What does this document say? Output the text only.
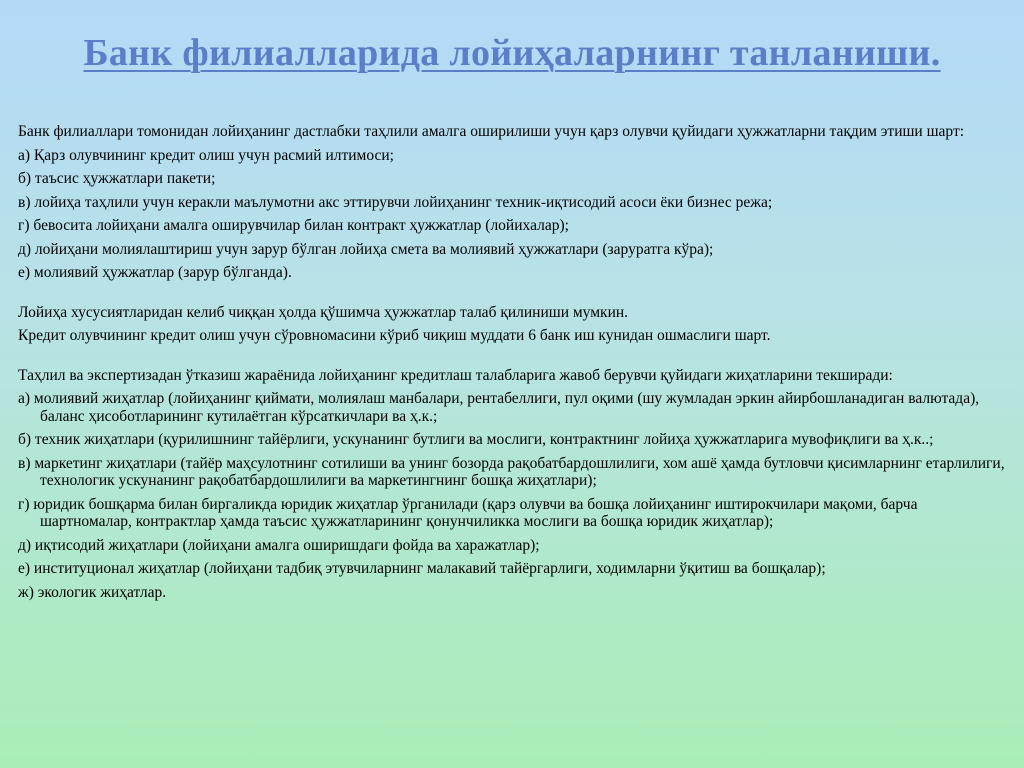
Банк филиалларида лойиҳаларнинг танланиши.

Банк филиаллари томонидан лойиҳанинг дастлабки таҳлили амалга оширилиши учун қарз олувчи қуйидаги ҳужжатларни тақдим этиши шарт:

а) Қарз олувчининг кредит олиш учун расмий илтимоси;

б) таъсис ҳужжатлари пакети;

в) лойиҳа таҳлили учун керакли маълумотни акс эттирувчи лойиҳанинг техник-иқтисодий асоси ёки бизнес режа;

г) бевосита лойиҳани амалга оширувчилар билан контракт ҳужжатлар (лойихалар);

д) лойиҳани молиялаштириш учун зарур бўлган лойиҳа смета ва молиявий ҳужжатлари (заруратга кўра);

е) молиявий ҳужжатлар (зарур бўлганда).

Лойиҳа хусусиятларидан келиб чиққан ҳолда қўшимча ҳужжатлар талаб қилиниши мумкин.

Кредит олувчининг кредит олиш учун сўровномасини кўриб чиқиш муддати 6 банк иш кунидан ошмаслиги шарт.

Таҳлил ва экспертизадан ўтказиш жараёнида лойиҳанинг кредитлаш талабларига жавоб берувчи қуйидаги жиҳатларини текширади:

а) молиявий жиҳатлар (лойиҳанинг қиймати, молиялаш манбалари, рентабеллиги, пул оқими (шу жумладан эркин айирбошланадиган валютада), баланс ҳисоботларининг кутилаётган кўрсаткичлари ва ҳ.к.;

б) техник жиҳатлари (қурилишнинг тайёрлиги, ускунанинг бутлиги ва мослиги, контрактнинг лойиҳа ҳужжатларига мувофиқлиги ва ҳ.к..;

в) маркетинг жиҳатлари (тайёр маҳсулотнинг сотилиши ва унинг бозорда рақобатбардошлилиги, хом ашё ҳамда бутловчи қисимларнинг етарлилиги, технологик ускунанинг рақобатбардошлилиги ва маркетингнинг бошқа жиҳатлари);

г) юридик бошқарма билан биргаликда юридик жиҳатлар ўрганилади (қарз олувчи ва бошқа лойиҳанинг иштирокчилари мақоми, барча шартномалар, контрактлар ҳамда таъсис ҳужжатларининг қонунчиликка мослиги ва бошқа юридик жиҳатлар);

д) иқтисодий жиҳатлари (лойиҳани амалга оширишдаги фойда ва харажатлар);

е) институционал жиҳатлар (лойиҳани тадбиқ этувчиларнинг малакавий тайёргарлиги, ходимларни ўқитиш ва бошқалар);

ж) экологик жиҳатлар.
